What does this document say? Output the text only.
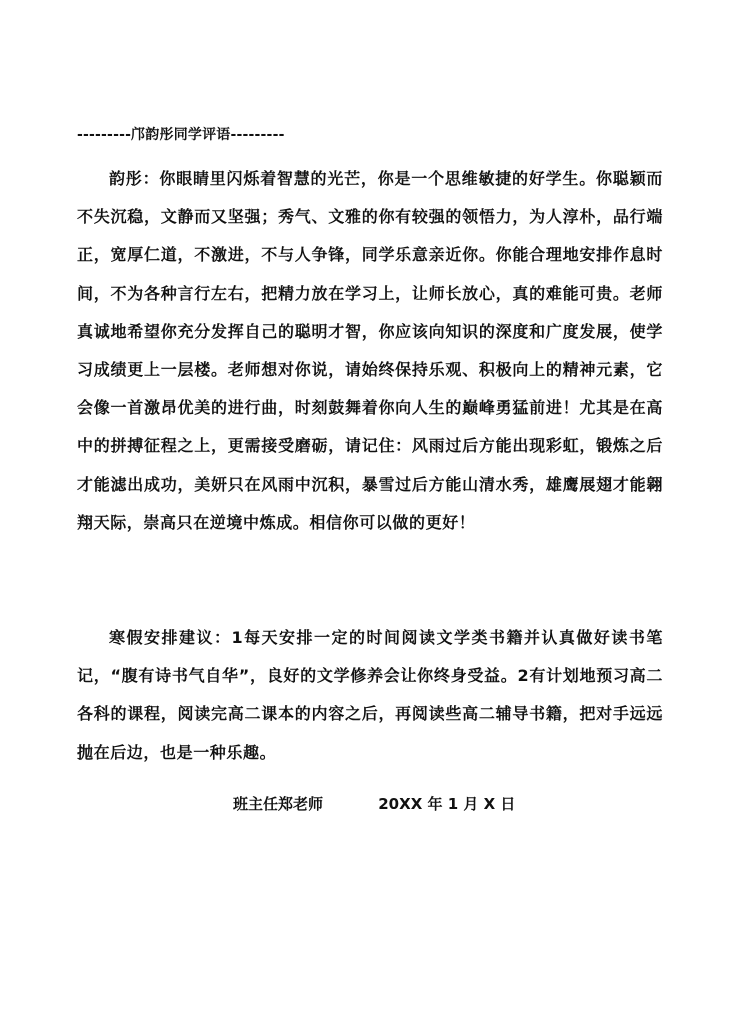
---------邝韵彤同学评语---------

韵彤：你眼睛里闪烁着智慧的光芒，你是一个思维敏捷的好学生。你聪颖而不失沉稳，文静而又坚强；秀气、文雅的你有较强的领悟力，为人淳朴，品行端正，宽厚仁道，不激进，不与人争锋，同学乐意亲近你。你能合理地安排作息时间，不为各种言行左右，把精力放在学习上，让师长放心，真的难能可贵。老师真诚地希望你充分发挥自己的聪明才智，你应该向知识的深度和广度发展，使学习成绩更上一层楼。老师想对你说，请始终保持乐观、积极向上的精神元素，它会像一首激昂优美的进行曲，时刻鼓舞着你向人生的巅峰勇猛前进！尤其是在高中的拼搏征程之上，更需接受磨砺，请记住：风雨过后方能出现彩虹，锻炼之后才能滤出成功，美妍只在风雨中沉积，暴雪过后方能山清水秀，雄鹰展翅才能翱翔天际，崇高只在逆境中炼成。相信你可以做的更好！

寒假安排建议：1每天安排一定的时间阅读文学类书籍并认真做好读书笔记，“腹有诗书气自华”，良好的文学修养会让你终身受益。2有计划地预习高二各科的课程，阅读完高二课本的内容之后，再阅读些高二辅导书籍，把对手远远抛在后边，也是一种乐趣。

班主任郑老师	20XX 年 1 月 X 日
